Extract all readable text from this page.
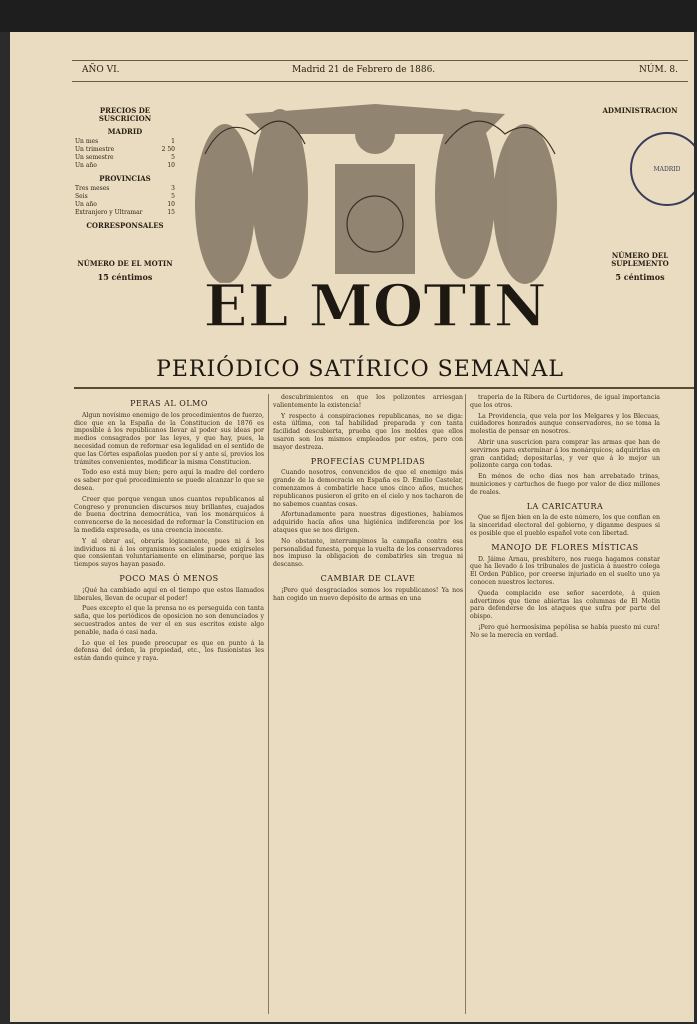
AÑO VI.	Madrid 21 de Febrero de 1886.	NÚM. 8.
PRECIOS DE SUSCRICION
MADRID
Un mes	1
Un trimestre	2 50
Un semestre	5
Un año	10
PROVINCIAS
Tres meses	3
Seis	5
Un año	10
Extranjero y Ultramar	15
CORRESPONSALES
NÚMERO DE EL MOTIN
15 céntimos EL MOTIN
ADMINISTRACION
NÚMERO DEL SUPLEMENTO
5 céntimos
MADRID
PERIÓDICO SATÍRICO SEMANAL
PERAS AL OLMO

Algun novísimo enemigo de los procedimientos de fuerzo, dice que en la España de la Constitucion de 1876 es imposible á los republicanos llevar al poder sus ideas por medios consagrados por las leyes, y que hay, pues, la necesidad comun de reformar esa legalidad en el sentido de que las Córtes españolas pueden por sí y ante sí, previos los trámites convenientes, modificar la misma Constitucion.

Todo eso está muy bien; pero aquí la madre del cordero es saber por qué procedimiento se puede alcanzar lo que se desea.

Creer que porque vengan unos cuantos republicanos al Congreso y pronuncien discursos muy brillantes, cuajados de buena doctrina democrática, van los monárquicos á convencerse de la necesidad de reformar la Constitucion en la medida expresada, es una creencia inocente.

Y al obrar así, obraría lógicamente, pues ni á los individuos ni á los organismos sociales puede exigírseles que consientan voluntariamente en eliminarse, porque las tiempos suyos hayan pasado.

POCO MAS Ó MENOS

¡Qué ha cambiado aquí en el tiempo que estos llamados liberales, llevan de ocupar el poder!

Pues excepto el que la prensa no es perseguida con tanta saña, que los periódicos de oposicion no son denunciados y secuestrados antes de ver el en sus escritos existe algo penable, nada ó casi nada.

Lo que el les puede preocupar es que en punto á la defensa del órden, la propiedad, etc., los fusionistas les están dando quince y raya.

descubrimientos en que los polizontes arriesgan valientemente la existencia!

Y respecto á conspiraciones republicanas, no se diga: esta última, con tal habilidad preparada y con tanta facilidad descubierta, prueba que los moldes que ellos usaron son los mismos empleados por estos, pero con mayor destreza.

PROFECÍAS CUMPLIDAS

Cuando nosotros, convencidos de que el enemigo más grande de la democracia en España es D. Emilio Castelar, comenzamos á combatirle hace unos cinco años, muchos republicanos pusieron el grito en el cielo y nos tacharon de no sabemos cuantas cosas.

Afortunadamente para nuestras digestiones, habíamos adquirido hacía años una higiénica indiferencia por los ataques que se nos dirigen.

No obstante, interrumpimos la campaña contra esa personalidad funesta, porque la vuelta de los conservadores nos impuso la obligacion de combatirles sin tregua ni descanso.

CAMBIAR DE CLAVE

¡Pero qué desgraciados somos los republicanos! Ya nos han cogido un nuevo depósito de armas en una

traperia de la Ribera de Curtidores, de igual importancia que los otros.

La Providencia, que vela por los Melgares y los Blecuas, cuidadores honrados aunque conservadores, no se toma la molestia de pensar en nosotros.

Abrir una suscricion para comprar las armas que han de servirnos para exterminar á los monárquicos; adquirirlas en gran cantidad; depositarlas, y ver que á lo mejor un polizonte carga con todas.

En ménos de ocho dias nos han arrebatado trinas, municiones y cartuchos de fuego por valor de diez millones de reales.

LA CARICATURA

Que se fijen bien en la de este número, los que confian en la sinceridad electoral del gobierno, y díganme despues si es posible que el pueblo español vote con libertad.

MANOJO DE FLORES MÍSTICAS

D. Jáime Arnau, presbítero, nos ruega hagamos constar que ha llevado á los tribunales de justicia á nuestro colega El Orden Público, por creerse injuriado en el suelto uno ya conocen nuestros lectores.

Queda complacido ese señor sacerdote, á quien advertimos que tiene abiertas las columnas de El Motin para defenderse de los ataques que sufra por parte del obispo.

¡Pero qué hermosísima pepólisa se había puesto mi cura! No se la merecía en verdad.
